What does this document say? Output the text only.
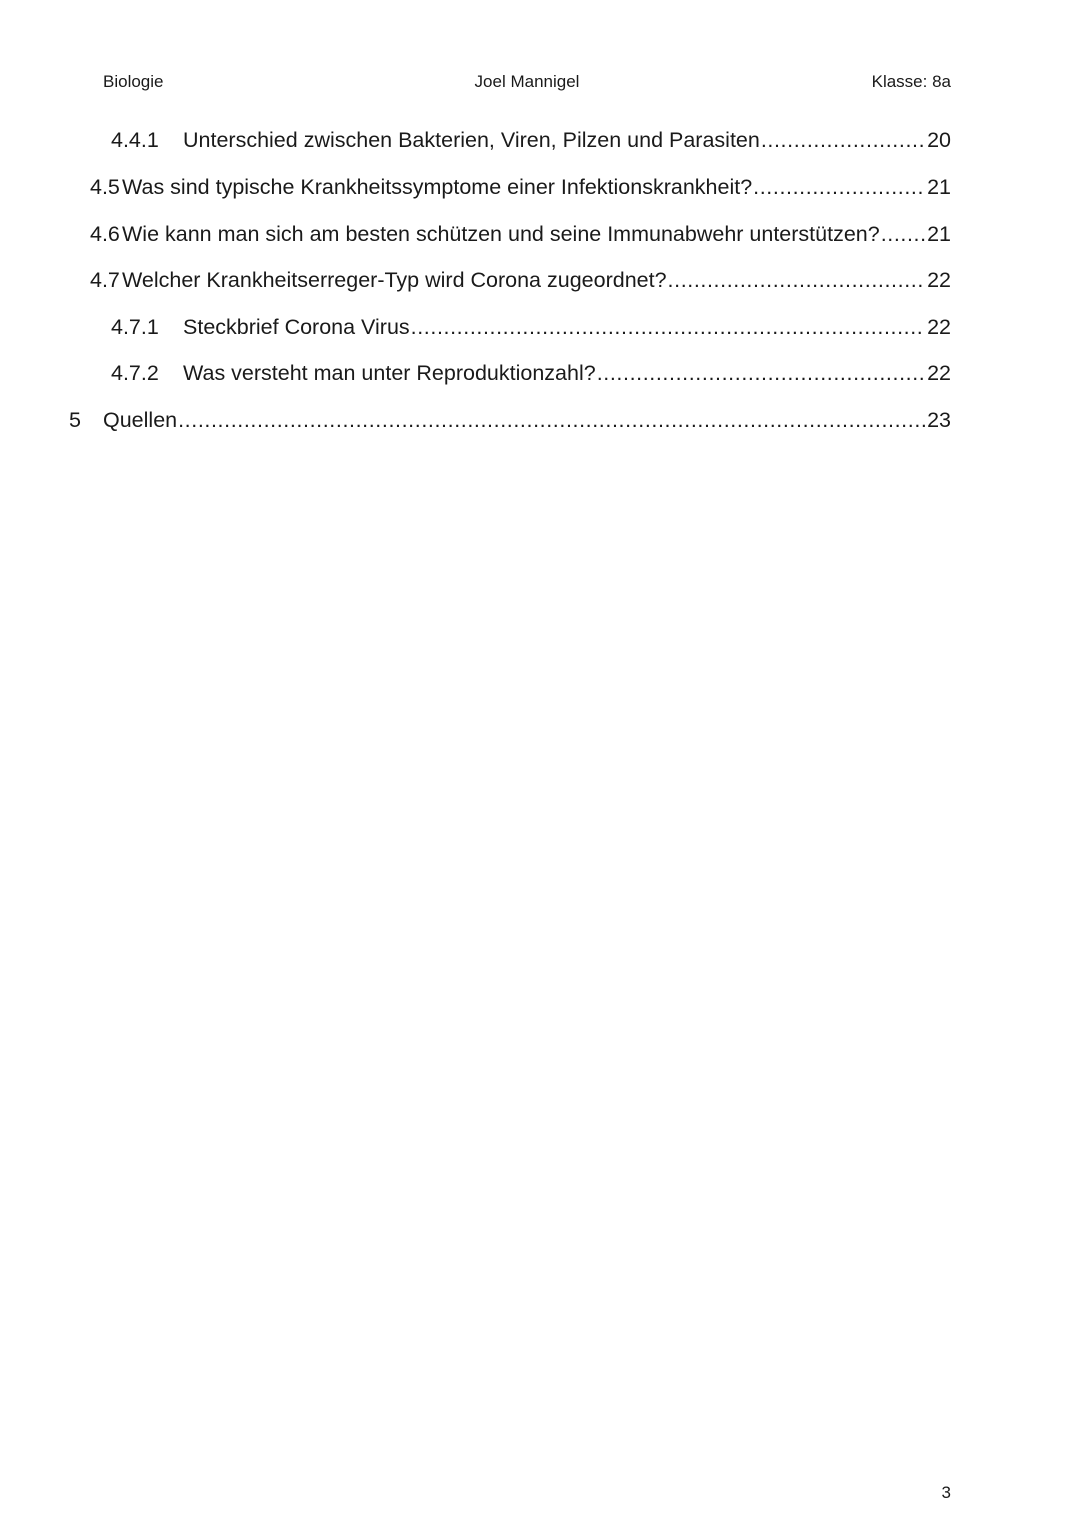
Biologie	Joel Mannigel	Klasse: 8a
4.4.1	Unterschied zwischen Bakterien, Viren, Pilzen und Parasiten .....	20
4.5 Was sind typische Krankheitssymptome einer Infektionskrankheit? .....	21
4.6 Wie kann man sich am besten schützen und seine Immunabwehr unterstützen? ..... 21
4.7 Welcher Krankheitserreger-Typ wird Corona zugeordnet? .....	22
4.7.1	Steckbrief Corona Virus .....	22
4.7.2	Was versteht man unter Reproduktionzahl? .....	22
5	Quellen .....	23
3
